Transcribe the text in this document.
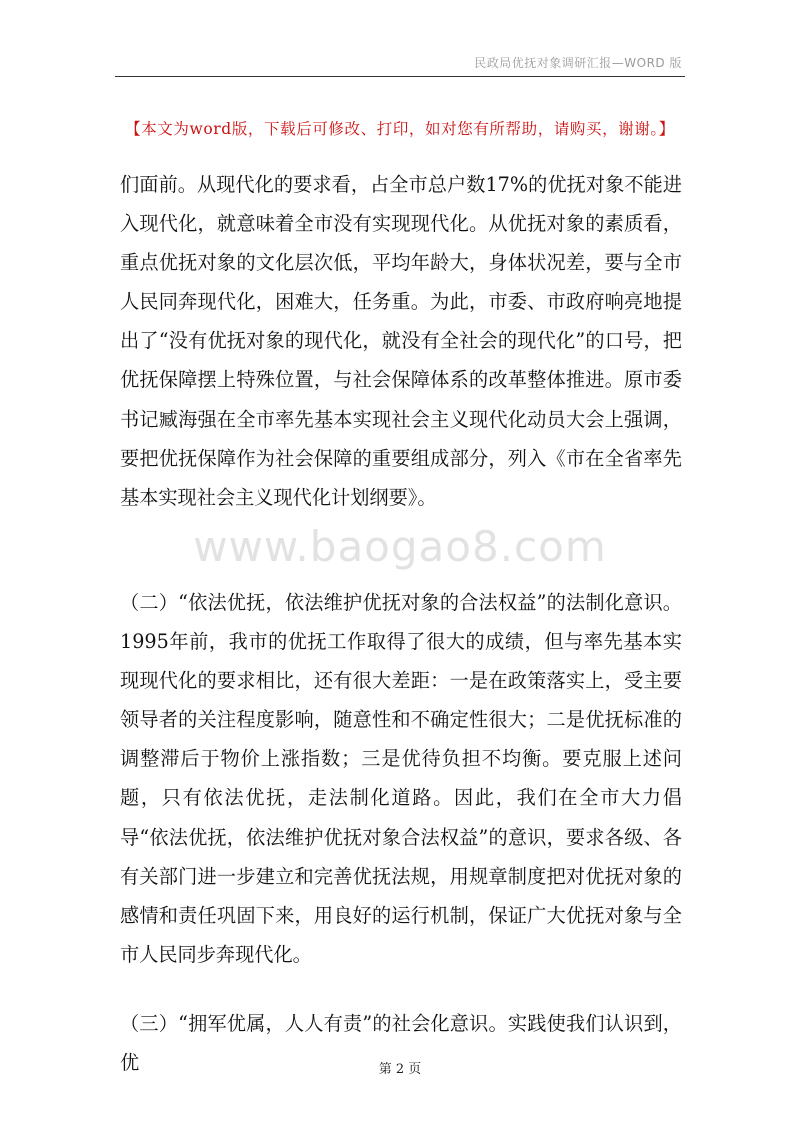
民政局优抚对象调研汇报—WORD 版
【本文为word版，下载后可修改、打印，如对您有所帮助，请购买，谢谢。】
们面前。从现代化的要求看，占全市总户数17%的优抚对象不能进入现代化，就意味着全市没有实现现代化。从优抚对象的素质看，重点优抚对象的文化层次低，平均年龄大，身体状况差，要与全市人民同奔现代化，困难大，任务重。为此，市委、市政府响亮地提出了“没有优抚对象的现代化，就没有全社会的现代化”的口号，把优抚保障摆上特殊位置，与社会保障体系的改革整体推进。原市委书记臧海强在全市率先基本实现社会主义现代化动员大会上强调，要把优抚保障作为社会保障的重要组成部分，列入《市在全省率先基本实现社会主义现代化计划纲要》。
www.baogao8.com
（二）“依法优抚，依法维护优抚对象的合法权益”的法制化意识。1995年前，我市的优抚工作取得了很大的成绩，但与率先基本实现现代化的要求相比，还有很大差距：一是在政策落实上，受主要领导者的关注程度影响，随意性和不确定性很大；二是优抚标准的调整滞后于物价上涨指数；三是优待负担不均衡。要克服上述问题，只有依法优抚，走法制化道路。因此，我们在全市大力倡导“依法优抚，依法维护优抚对象合法权益”的意识，要求各级、各有关部门进一步建立和完善优抚法规，用规章制度把对优抚对象的感情和责任巩固下来，用良好的运行机制，保证广大优抚对象与全市人民同步奔现代化。
（三）“拥军优属，人人有责”的社会化意识。实践使我们认识到，优	第 2 页
